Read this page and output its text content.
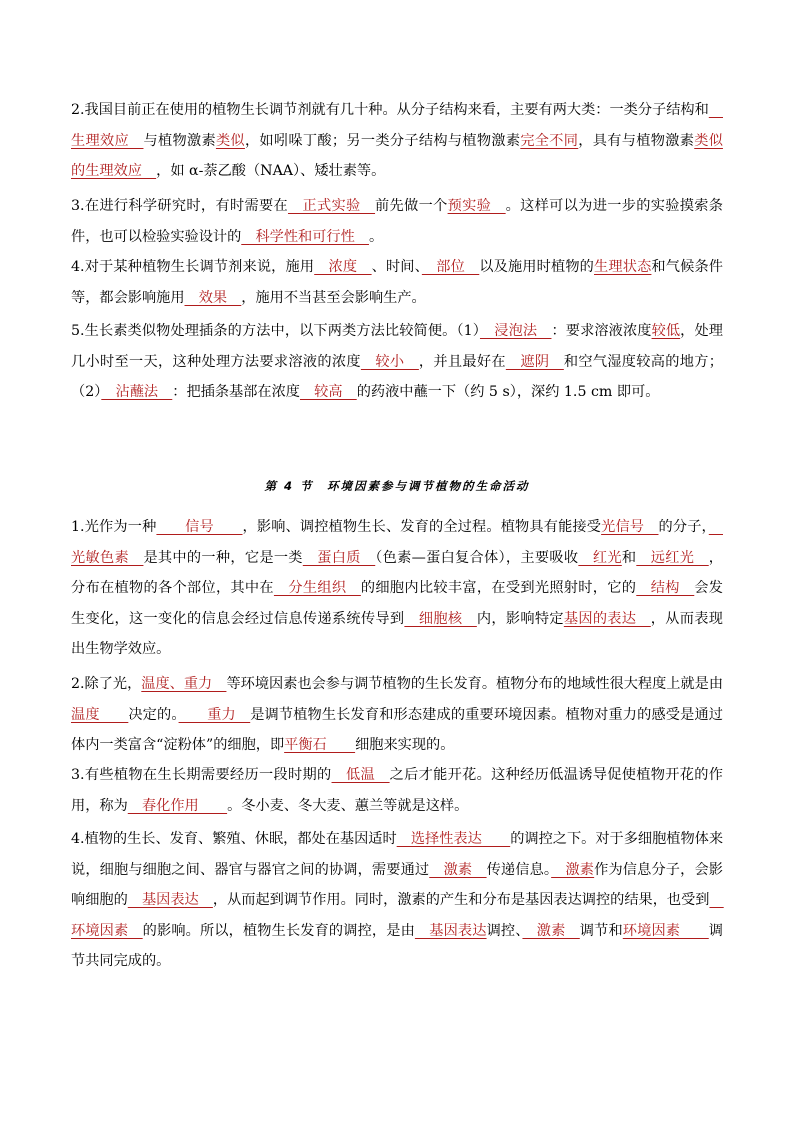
2.我国目前正在使用的植物生长调节剂就有几十种。从分子结构来看，主要有两大类：一类分子结构和　生理效应　与植物激素类似，如吲哚丁酸；另一类分子结构与植物激素完全不同，具有与植物激素类似的生理效应　，如 α-萘乙酸（NAA）、矮壮素等。
3.在进行科学研究时，有时需要在　正式实验　前先做一个预实验　。这样可以为进一步的实验摸索条件，也可以检验实验设计的　科学性和可行性　。
4.对于某种植物生长调节剂来说，施用　浓度　、时间、　部位　以及施用时植物的生理状态和气候条件等，都会影响施用　效果　，施用不当甚至会影响生产。
5.生长素类似物处理插条的方法中，以下两类方法比较简便。（1）　浸泡法　：要求溶液浓度较低，处理几小时至一天，这种处理方法要求溶液的浓度　较小　，并且最好在　遮阴　和空气湿度较高的地方；（2）　沾蘸法　：把插条基部在浓度　较高　的药液中蘸一下（约 5 s），深约 1.5 cm 即可。
第 4 节　环境因素参与调节植物的生命活动
1.光作为一种　　信号　　，影响、调控植物生长、发育的全过程。植物具有能接受光信号　的分子，　光敏色素　是其中的一种，它是一类　蛋白质　（色素—蛋白复合体），主要吸收　红光和　远红光　，分布在植物的各个部位，其中在　分生组织　的细胞内比较丰富，在受到光照射时，它的　结构　会发生变化，这一变化的信息会经过信息传递系统传导到　细胞核　内，影响特定基因的表达　，从而表现出生物学效应。
2.除了光，温度、重力　等环境因素也会参与调节植物的生长发育。植物分布的地域性很大程度上就是由温度　　决定的。　　重力　是调节植物生长发育和形态建成的重要环境因素。植物对重力的感受是通过体内一类富含“淀粉体”的细胞，即平衡石　　细胞来实现的。
3.有些植物在生长期需要经历一段时期的　低温　之后才能开花。这种经历低温诱导促使植物开花的作用，称为　春化作用　　。冬小麦、冬大麦、蕙兰等就是这样。
4.植物的生长、发育、繁殖、休眠，都处在基因适时　选择性表达　　的调控之下。对于多细胞植物体来说，细胞与细胞之间、器官与器官之间的协调，需要通过　激素　传递信息。　激素作为信息分子，会影响细胞的　基因表达　，从而起到调节作用。同时，激素的产生和分布是基因表达调控的结果，也受到　环境因素　的影响。所以，植物生长发育的调控，是由　基因表达调控、　激素　调节和环境因素　　调节共同完成的。
